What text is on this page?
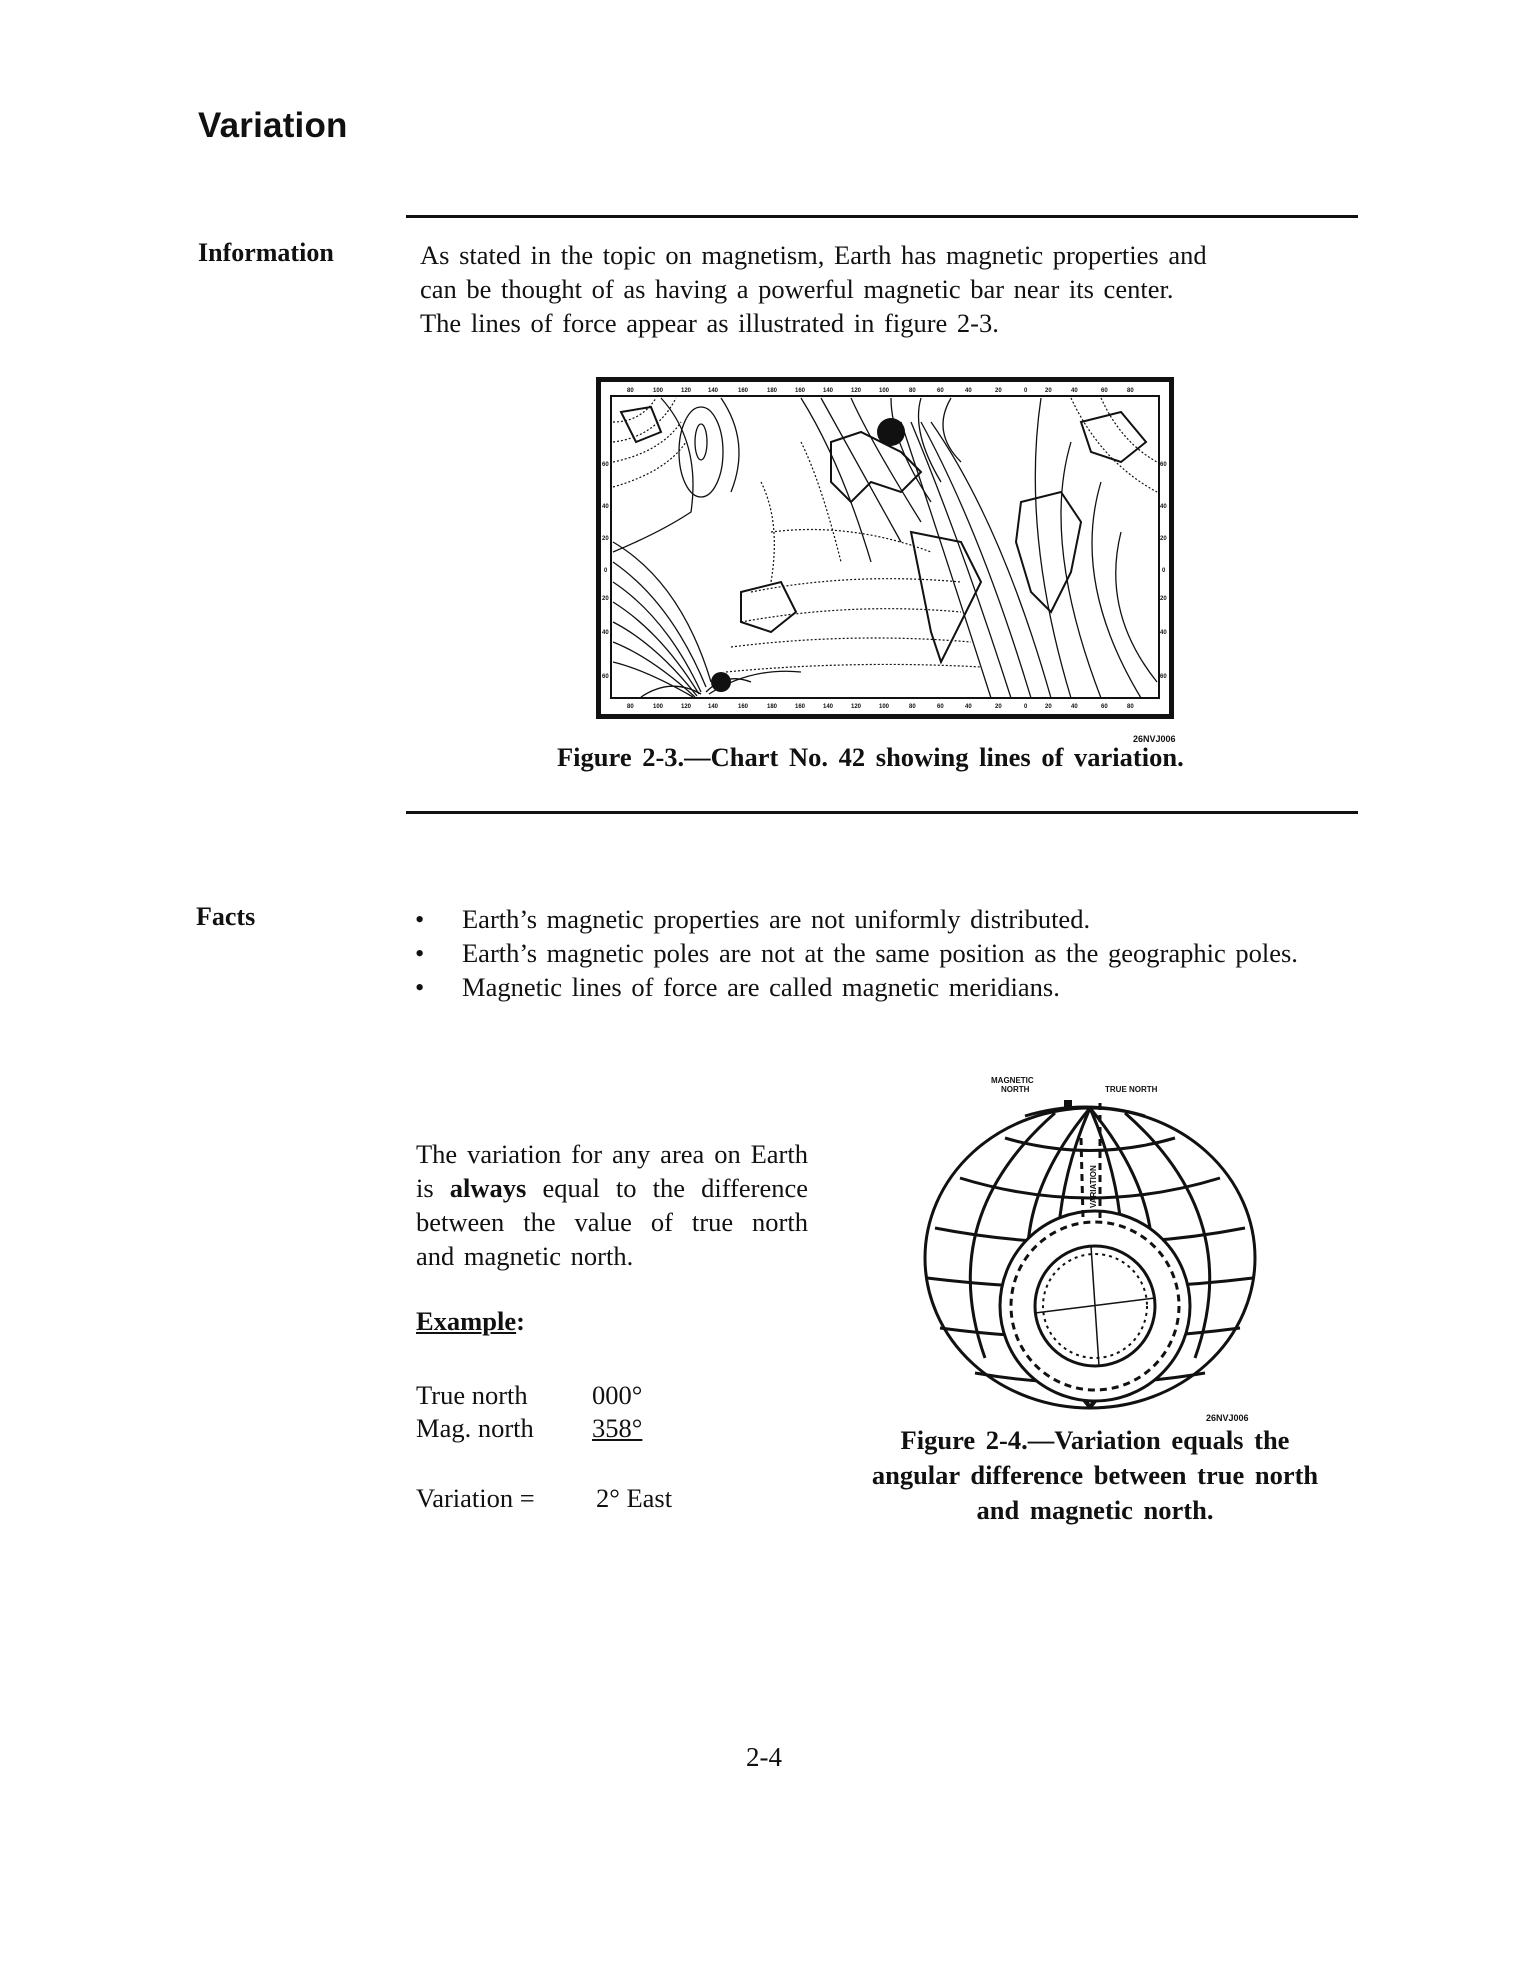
Variation
Information	As stated in the topic on magnetism, Earth has magnetic properties and

can be thought of as having a powerful magnetic bar near its center.

The lines of force appear as illustrated in figure 2-3.

80	100	120	140	160	180	160	140	120	100	80	60	40	20	0	20	40	60	80
80	100	120	140	160	180	160	140	120	100	80	60	40	20	0	20	40	60	80
60
40
20
0
20
40
60
60
40
20
0
20
40
60
26NVJ006
Figure 2-3.—Chart No. 42 showing lines of variation.
Facts	• Earth’s magnetic properties are not uniformly distributed.
• Earth’s magnetic poles are not at the same position as the geographic poles.
• Magnetic lines of force are called magnetic meridians.
The variation for any area on Earth is always equal to the difference between the value of true north and magnetic north.
Example:
True north 000°
Mag. north 358°
Variation = 2° East
MAGNETIC
NORTH	TRUE NORTH
VARIATION
26NVJ006
Figure 2-4.—Variation equals the
angular difference between true north
and magnetic north.
2-4
